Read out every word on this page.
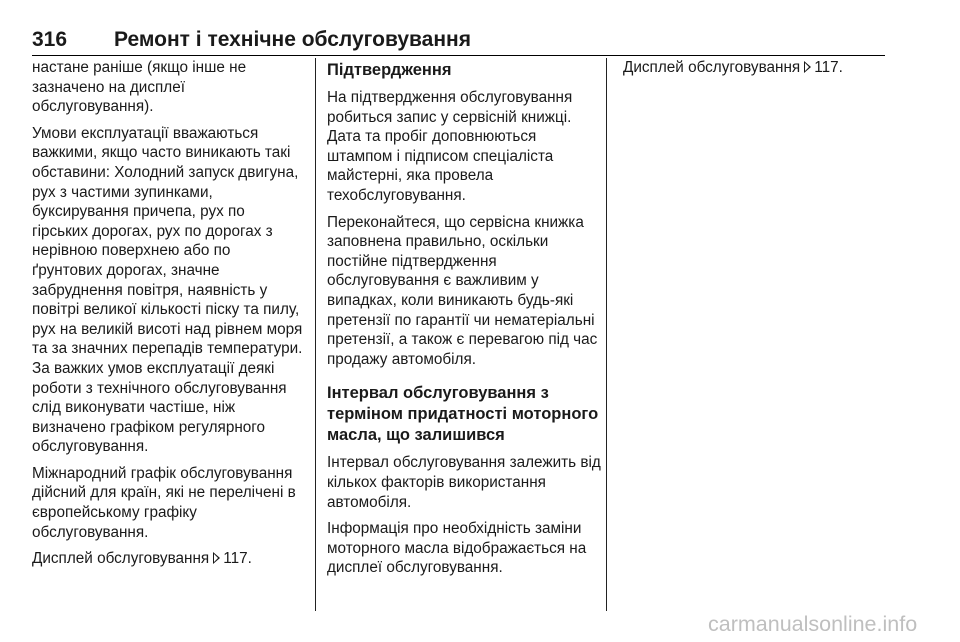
316 Ремонт і технічне обслуговування

настане раніше (якщо інше не зазначено на дисплеї обслуговування).

Умови експлуатації вважаються важкими, якщо часто виникають такі обставини: Холодний запуск двигуна, рух з частими зупинками, буксирування причепа, рух по гірських дорогах, рух по дорогах з нерівною поверхнею або по ґрунтових дорогах, значне забруднення повітря, наявність у повітрі великої кількості піску та пилу, рух на великій висоті над рівнем моря та за значних перепадів температури. За важких умов експлуатації деякі роботи з технічного обслуговування слід виконувати частіше, ніж визначено графіком регулярного обслуговування.

Міжнародний графік обслуговування дійсний для країн, які не перелічені в європейському графіку обслуговування.

Дисплей обслуговування 117.

Підтвердження

На підтвердження обслуговування робиться запис у сервісній книжці. Дата та пробіг доповнюються штампом і підписом спеціаліста майстерні, яка провела техобслуговування.

Переконайтеся, що сервісна книжка заповнена правильно, оскільки постійне підтвердження обслуговування є важливим у випадках, коли виникають будь-які претензії по гарантії чи нематеріальні претензії, а також є перевагою під час продажу автомобіля.

Інтервал обслуговування з терміном придатності моторного масла, що залишився

Інтервал обслуговування залежить від кількох факторів використання автомобіля.

Інформація про необхідність заміни моторного масла відображається на дисплеї обслуговування.

Дисплей обслуговування 117.

carmanualsonline.info
